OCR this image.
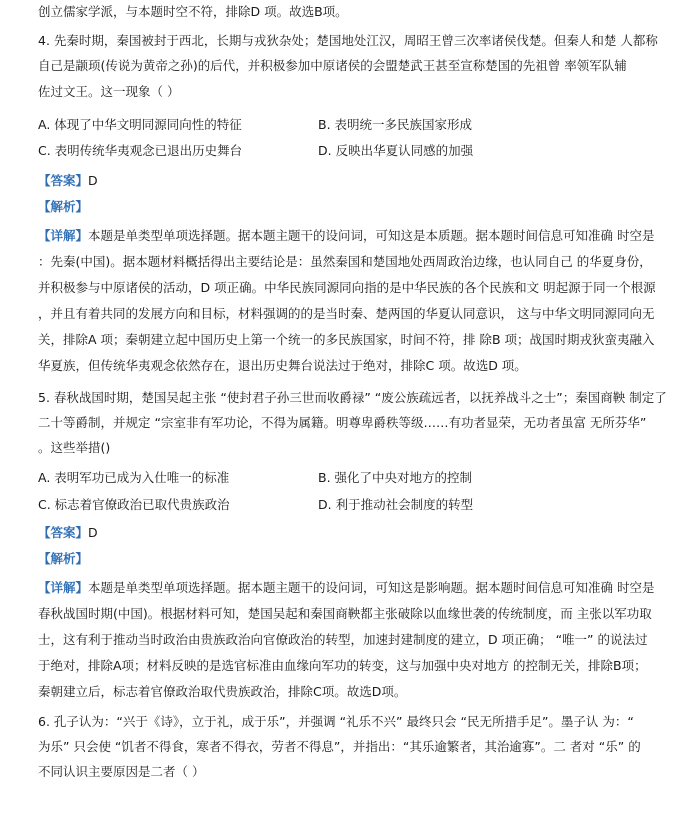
创立儒家学派，与本题时空不符，排除D 项。故选B项。
4. 先秦时期，秦国被封于西北，长期与戎狄杂处；楚国地处江汉，周昭王曾三次率诸侯伐楚。但秦人和楚 人都称
自己是颛顼(传说为黄帝之孙)的后代，并积极参加中原诸侯的会盟楚武王甚至宣称楚国的先祖曾 率领军队辅
佐过文王。这一现象（ ）
A. 体现了中华文明同源同向性的特征	B. 表明统一多民族国家形成
C. 表明传统华夷观念已退出历史舞台	D. 反映出华夏认同感的加强
【答案】D
【解析】
【详解】本题是单类型单项选择题。据本题主题干的设问词，可知这是本质题。据本题时间信息可知准确 时空是
：先秦(中国)。据本题材料概括得出主要结论是：虽然秦国和楚国地处西周政治边缘，也认同自己 的华夏身份，
并积极参与中原诸侯的活动，D 项正确。中华民族同源同向指的是中华民族的各个民族和文 明起源于同一个根源
，并且有着共同的发展方向和目标，材料强调的的是当时秦、楚两国的华夏认同意识， 这与中华文明同源同向无
关，排除A 项；秦朝建立起中国历史上第一个统一的多民族国家，时间不符，排 除B 项；战国时期戎狄蛮夷融入
华夏族，但传统华夷观念依然存在，退出历史舞台说法过于绝对，排除C 项。故选D 项。
5. 春秋战国时期，楚国吴起主张 “使封君子孙三世而收爵禄” “废公族疏远者，以抚养战斗之士”；秦国商鞅 制定了
二十等爵制，并规定 “宗室非有军功论，不得为属籍。明尊卑爵秩等级……有功者显荣，无功者虽富 无所芬华”
。这些举措()
A. 表明军功已成为入仕唯一的标准	B. 强化了中央对地方的控制
C. 标志着官僚政治已取代贵族政治	D. 利于推动社会制度的转型
【答案】D
【解析】
【详解】本题是单类型单项选择题。据本题主题干的设问词，可知这是影响题。据本题时间信息可知准确 时空是
春秋战国时期(中国)。根据材料可知，楚国吴起和秦国商鞅都主张破除以血缘世袭的传统制度，而 主张以军功取
士，这有利于推动当时政治由贵族政治向官僚政治的转型，加速封建制度的建立，D 项正确； “唯一” 的说法过
于绝对，排除A项；材料反映的是选官标准由血缘向军功的转变，这与加强中央对地方 的控制无关，排除B项；
秦朝建立后，标志着官僚政治取代贵族政治，排除C项。故选D项。
6. 孔子认为：“兴于《诗》，立于礼，成于乐”，并强调 “礼乐不兴” 最终只会 “民无所措手足”。墨子认 为：“
为乐” 只会使 “饥者不得食，寒者不得衣，劳者不得息”，并指出：“其乐逾繁者，其治逾寡”。二 者对 “乐” 的
不同认识主要原因是二者（ ）
